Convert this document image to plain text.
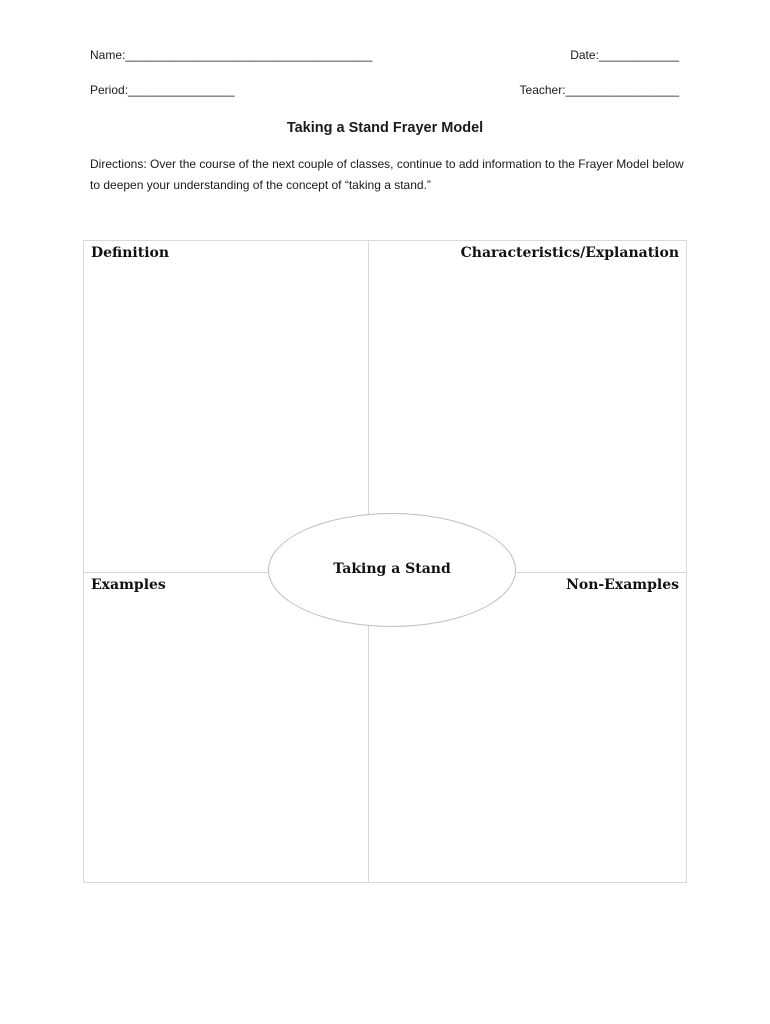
Name:_____________________________________	Date:____________
Period:________________	Teacher:_________________
Taking a Stand Frayer Model
Directions: Over the course of the next couple of classes, continue to add information to the Frayer Model below to deepen your understanding of the concept of “taking a stand.”
Definition	Characteristics/Explanation
Examples	Non-Examples
Taking a Stand
